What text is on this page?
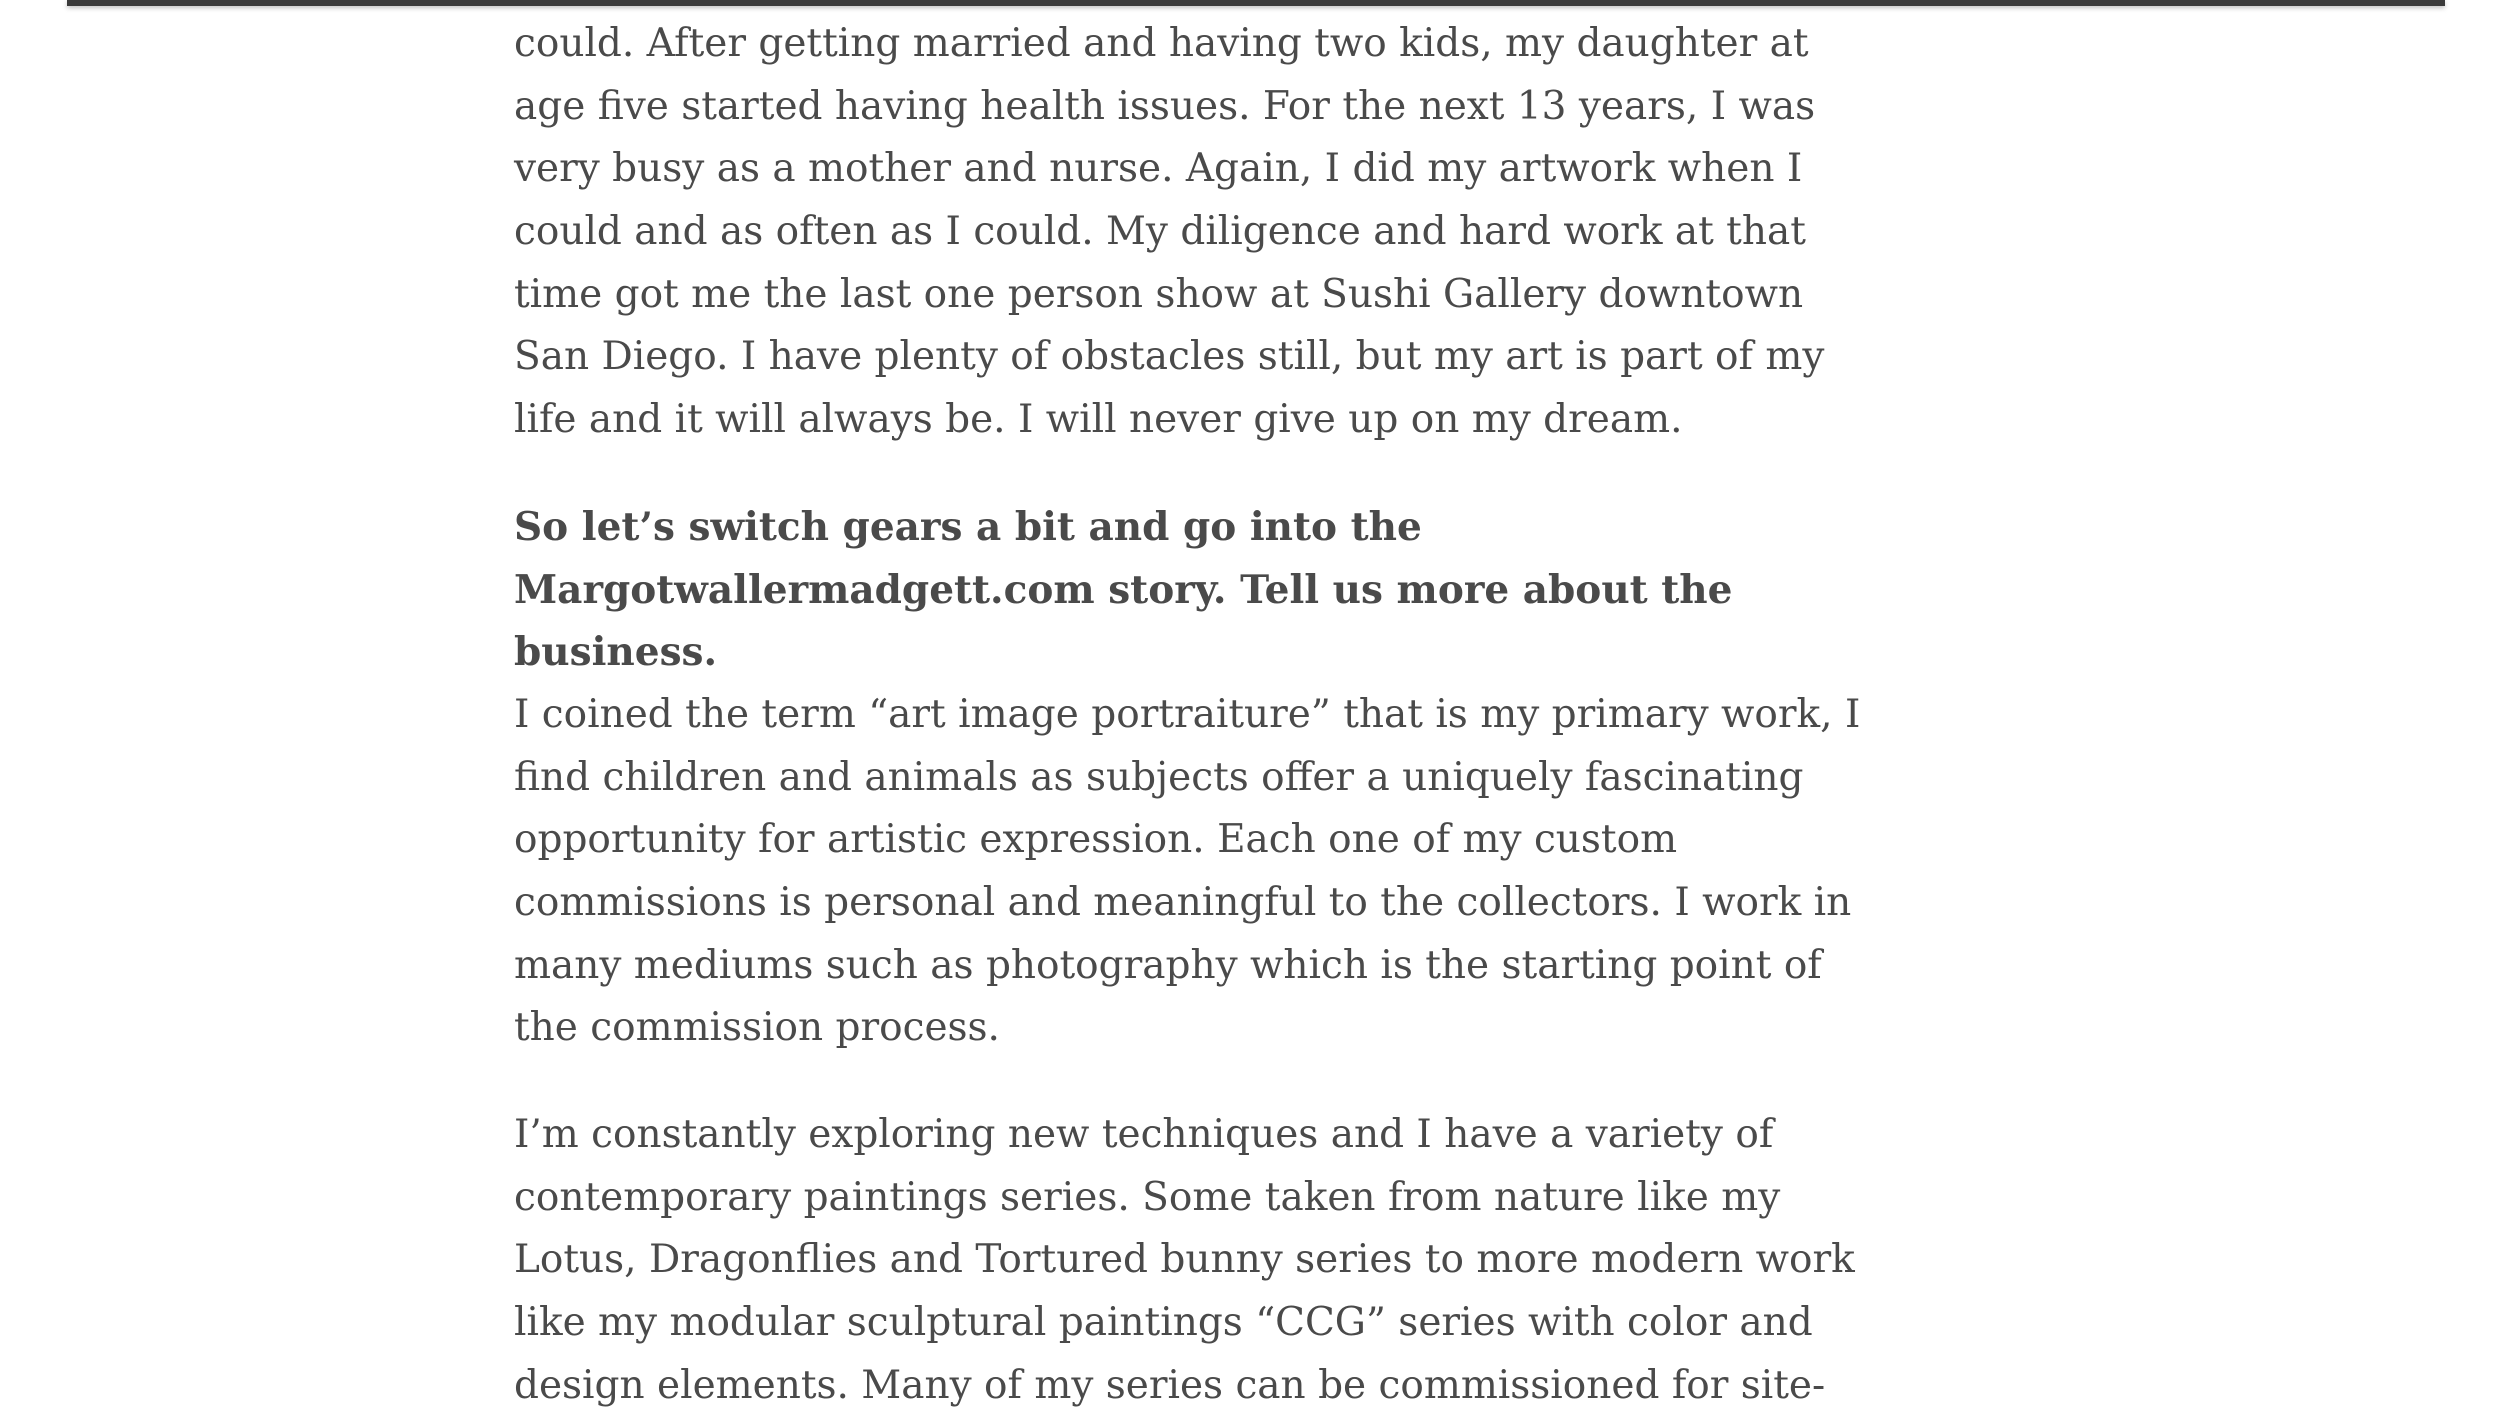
could. After getting married and having two kids, my daughter at
age five started having health issues. For the next 13 years, I was
very busy as a mother and nurse. Again, I did my artwork when I
could and as often as I could. My diligence and hard work at that
time got me the last one person show at Sushi Gallery downtown
San Diego. I have plenty of obstacles still, but my art is part of my
life and it will always be. I will never give up on my dream.

So let’s switch gears a bit and go into the
Margotwallermadgett.com story. Tell us more about the
business.

I coined the term “art image portraiture” that is my primary work, I
find children and animals as subjects offer a uniquely fascinating
opportunity for artistic expression. Each one of my custom
commissions is personal and meaningful to the collectors. I work in
many mediums such as photography which is the starting point of
the commission process.

I’m constantly exploring new techniques and I have a variety of
contemporary paintings series. Some taken from nature like my
Lotus, Dragonflies and Tortured bunny series to more modern work
like my modular sculptural paintings “CCG” series with color and
design elements. Many of my series can be commissioned for site-
